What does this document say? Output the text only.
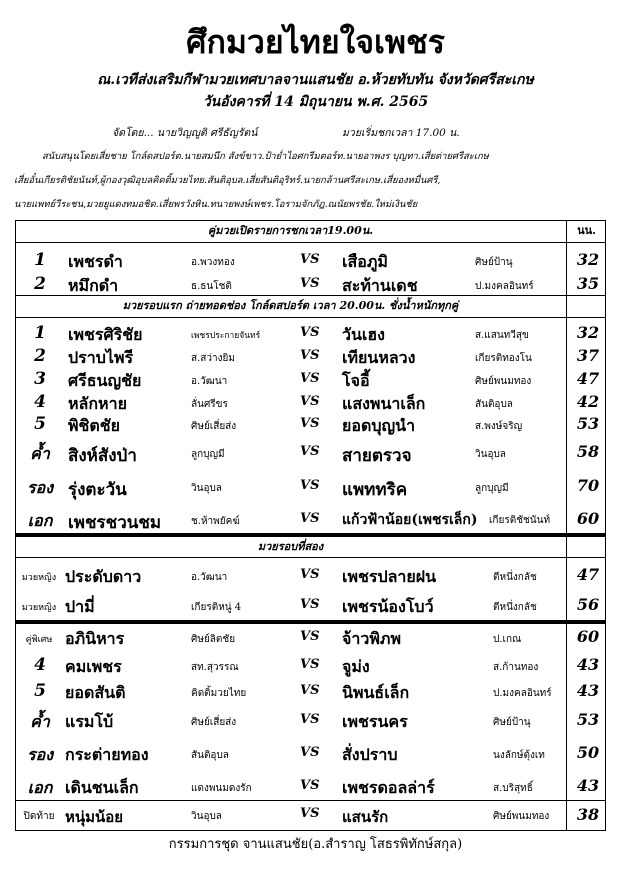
ศึกมวยไทยใจเพชร
ณ.เวทีส่งเสริมกีฬามวยเทศบาลจานแสนชัย อ.ห้วยทับทัน จังหวัดศรีสะเกษ
วันอังคารที่ 14 มิถุนายน พ.ศ. 2565
จัดโดย... นายวิญญูติ ศรีธัญรัตน์	มวยเริ่มชกเวลา 17.00 น.
สนับสนุนโดยเสี่ยชาย โกล์ดสปอร์ต.นายสมนึก สังข์ขาว.ป้าย่ำไอศกรีมตอร์ท.นายอาพงร บุญทา.เสี่ยต่ายศรีสะเกษ
เสี่ยอั๋นเกียรติชัยนันท์,ผู้กองวุฒิอุบลคิดติ้มวยไทย.สันติอุบล.เสี่ยสันติอุริทร์.นายกล้านศรีสะเกษ.เสี่ยองหมื่นศรี,
นายแพทย์วีระชน,มวยยูแดงทมอชิด.เสี่ยพรวังหิน.ทนายพงษ์เพชร.โอรามจักภัฎ.ณนัยพรชัย.ใหม่เงินชัย
คู่มวยเปิดรายการชกเวลา19.00น.	นน.
1	เพชรดำ	อ.พวงทอง	VS เสือภูมิ	ศิษย์ป้านุ	32
2	หมึกดำ	ธ.ธนโชติ	VS สะท้านเดช	ป.มงคลอินทร์	35
มวยรอบแรก ถ่ายทอดช่อง โกล์ดสปอร์ต เวลา 20.00น. ชั่งน้ำหนักทุกคู่
1	เพชรศิริชัย	เพชรประกายจันทร์	VS วันเฮง	ส.แสนทวีสุข	32
2	ปราบไพรี	ส.สว่างยิม	VS เทียนหลวง	เกียรติทองโน	37
3	ศรีธนญชัย	อ.วัฒนา	VS โจอี้	ศิษย์พนมทอง	47
4	หลักหาย	ลั่นศรีขร	VS แสงพนาเล็ก	สันติอุบล	42
5	พิชิตชัย	ศิษย์เสี่ยส่ง	VS ยอดบุญนำ	ส.พงษ์จริญ	53
ค้ำ	สิงห์สังป่า	ลูกบุญมี	VS สายตรวจ	วินอุบล	58
รอง รุ่งตะวัน	วินอุบล	VS แพททริค	ลูกบุญมี	70
เอก เพชรชวนชม	ช.ห้าพยัคฆ์	VS แก้วฟ้าน้อย(เพชรเล็ก) เกียรติชัชนันท์	60
มวยรอบที่สอง
มวยหญิง ประดับดาว	อ.วัฒนา	VS เพชรปลายฝน	ตีหนึ่งกลัช	47
มวยหญิง ปามี่	เกียรติหนู่ 4	VS เพชรน้องโบว์	ตีหนึ่งกลัช	56
คู่พิเศษ อภินิหาร	ศิษย์ลิตชัย	VS จ้าวพิภพ	ป.เกณ	60
4	คมเพชร	สท.สุวรรณ	VS จูม่ง	ส.ก้านทอง	43
5	ยอดสันติ	คิดติ้มวยไทย	VS นิพนธ์เล็ก	ป.มงคลอินทร์	43
ค้ำ แรมโบ้	ศิษย์เสี่ยส่ง	VS เพชรนคร	ศิษย์ป้านุ	53
รอง กระต่ายทอง	สันติอุบล	VS สั่งปราบ	นงลักษ์ตุ้งเท	50
เอก เดินชนเล็ก	แดงพนมดงรัก	VS เพชรดอลล่าร์	ส.บริสุทธิ์	43
ปิดท้าย หนุ่มน้อย	วินอุบล	VS แสนรัก	ศิษย์พนมทอง	38
กรรมการชุด จานแสนชัย(อ.สำราญ โสธรพิทักษ์สกุล)
